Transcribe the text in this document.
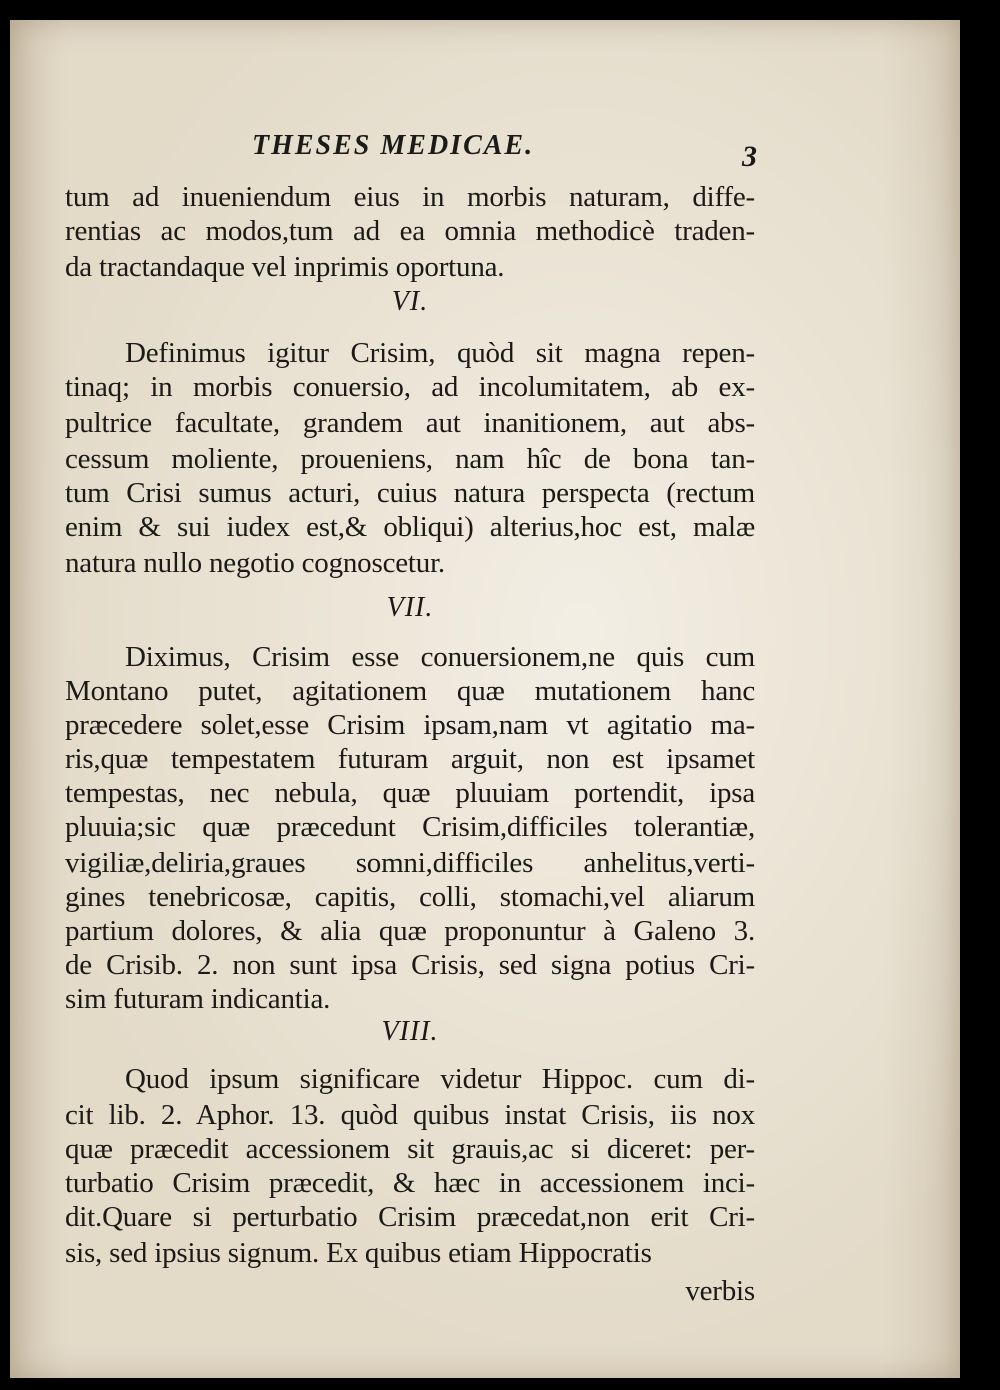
THESES MEDICAE.	3
tum ad inueniendum eius in morbis naturam, diffe-
rentias ac modos,tum ad ea omnia methodicè traden-
da tractandaque vel inprimis oportuna.
VI.
Definimus igitur Crisim, quòd sit magna repen-
tinaq; in morbis conuersio, ad incolumitatem, ab ex-
pultrice facultate, grandem aut inanitionem, aut abs-
cessum moliente, proueniens, nam hîc de bona tan-
tum Crisi sumus acturi, cuius natura perspecta (rectum
enim & sui iudex est,& obliqui) alterius,hoc est, malæ
natura nullo negotio cognoscetur.
VII.
Diximus, Crisim esse conuersionem,ne quis cum
Montano putet, agitationem quæ mutationem hanc
præcedere solet,esse Crisim ipsam,nam vt agitatio ma-
ris,quæ tempestatem futuram arguit, non est ipsamet
tempestas, nec nebula, quæ pluuiam portendit, ipsa
pluuia;sic quæ præcedunt Crisim,difficiles tolerantiæ,
vigiliæ,deliria,graues somni,difficiles anhelitus,verti-
gines tenebricosæ, capitis, colli, stomachi,vel aliarum
partium dolores, & alia quæ proponuntur à Galeno 3.
de Crisib. 2. non sunt ipsa Crisis, sed signa potius Cri-
sim futuram indicantia.
VIII.
Quod ipsum significare videtur Hippoc. cum di-
cit lib. 2. Aphor. 13. quòd quibus instat Crisis, iis nox
quæ præcedit accessionem sit grauis,ac si diceret: per-
turbatio Crisim præcedit, & hæc in accessionem inci-
dit.Quare si perturbatio Crisim præcedat,non erit Cri-
sis, sed ipsius signum. Ex quibus etiam Hippocratis
verbis
